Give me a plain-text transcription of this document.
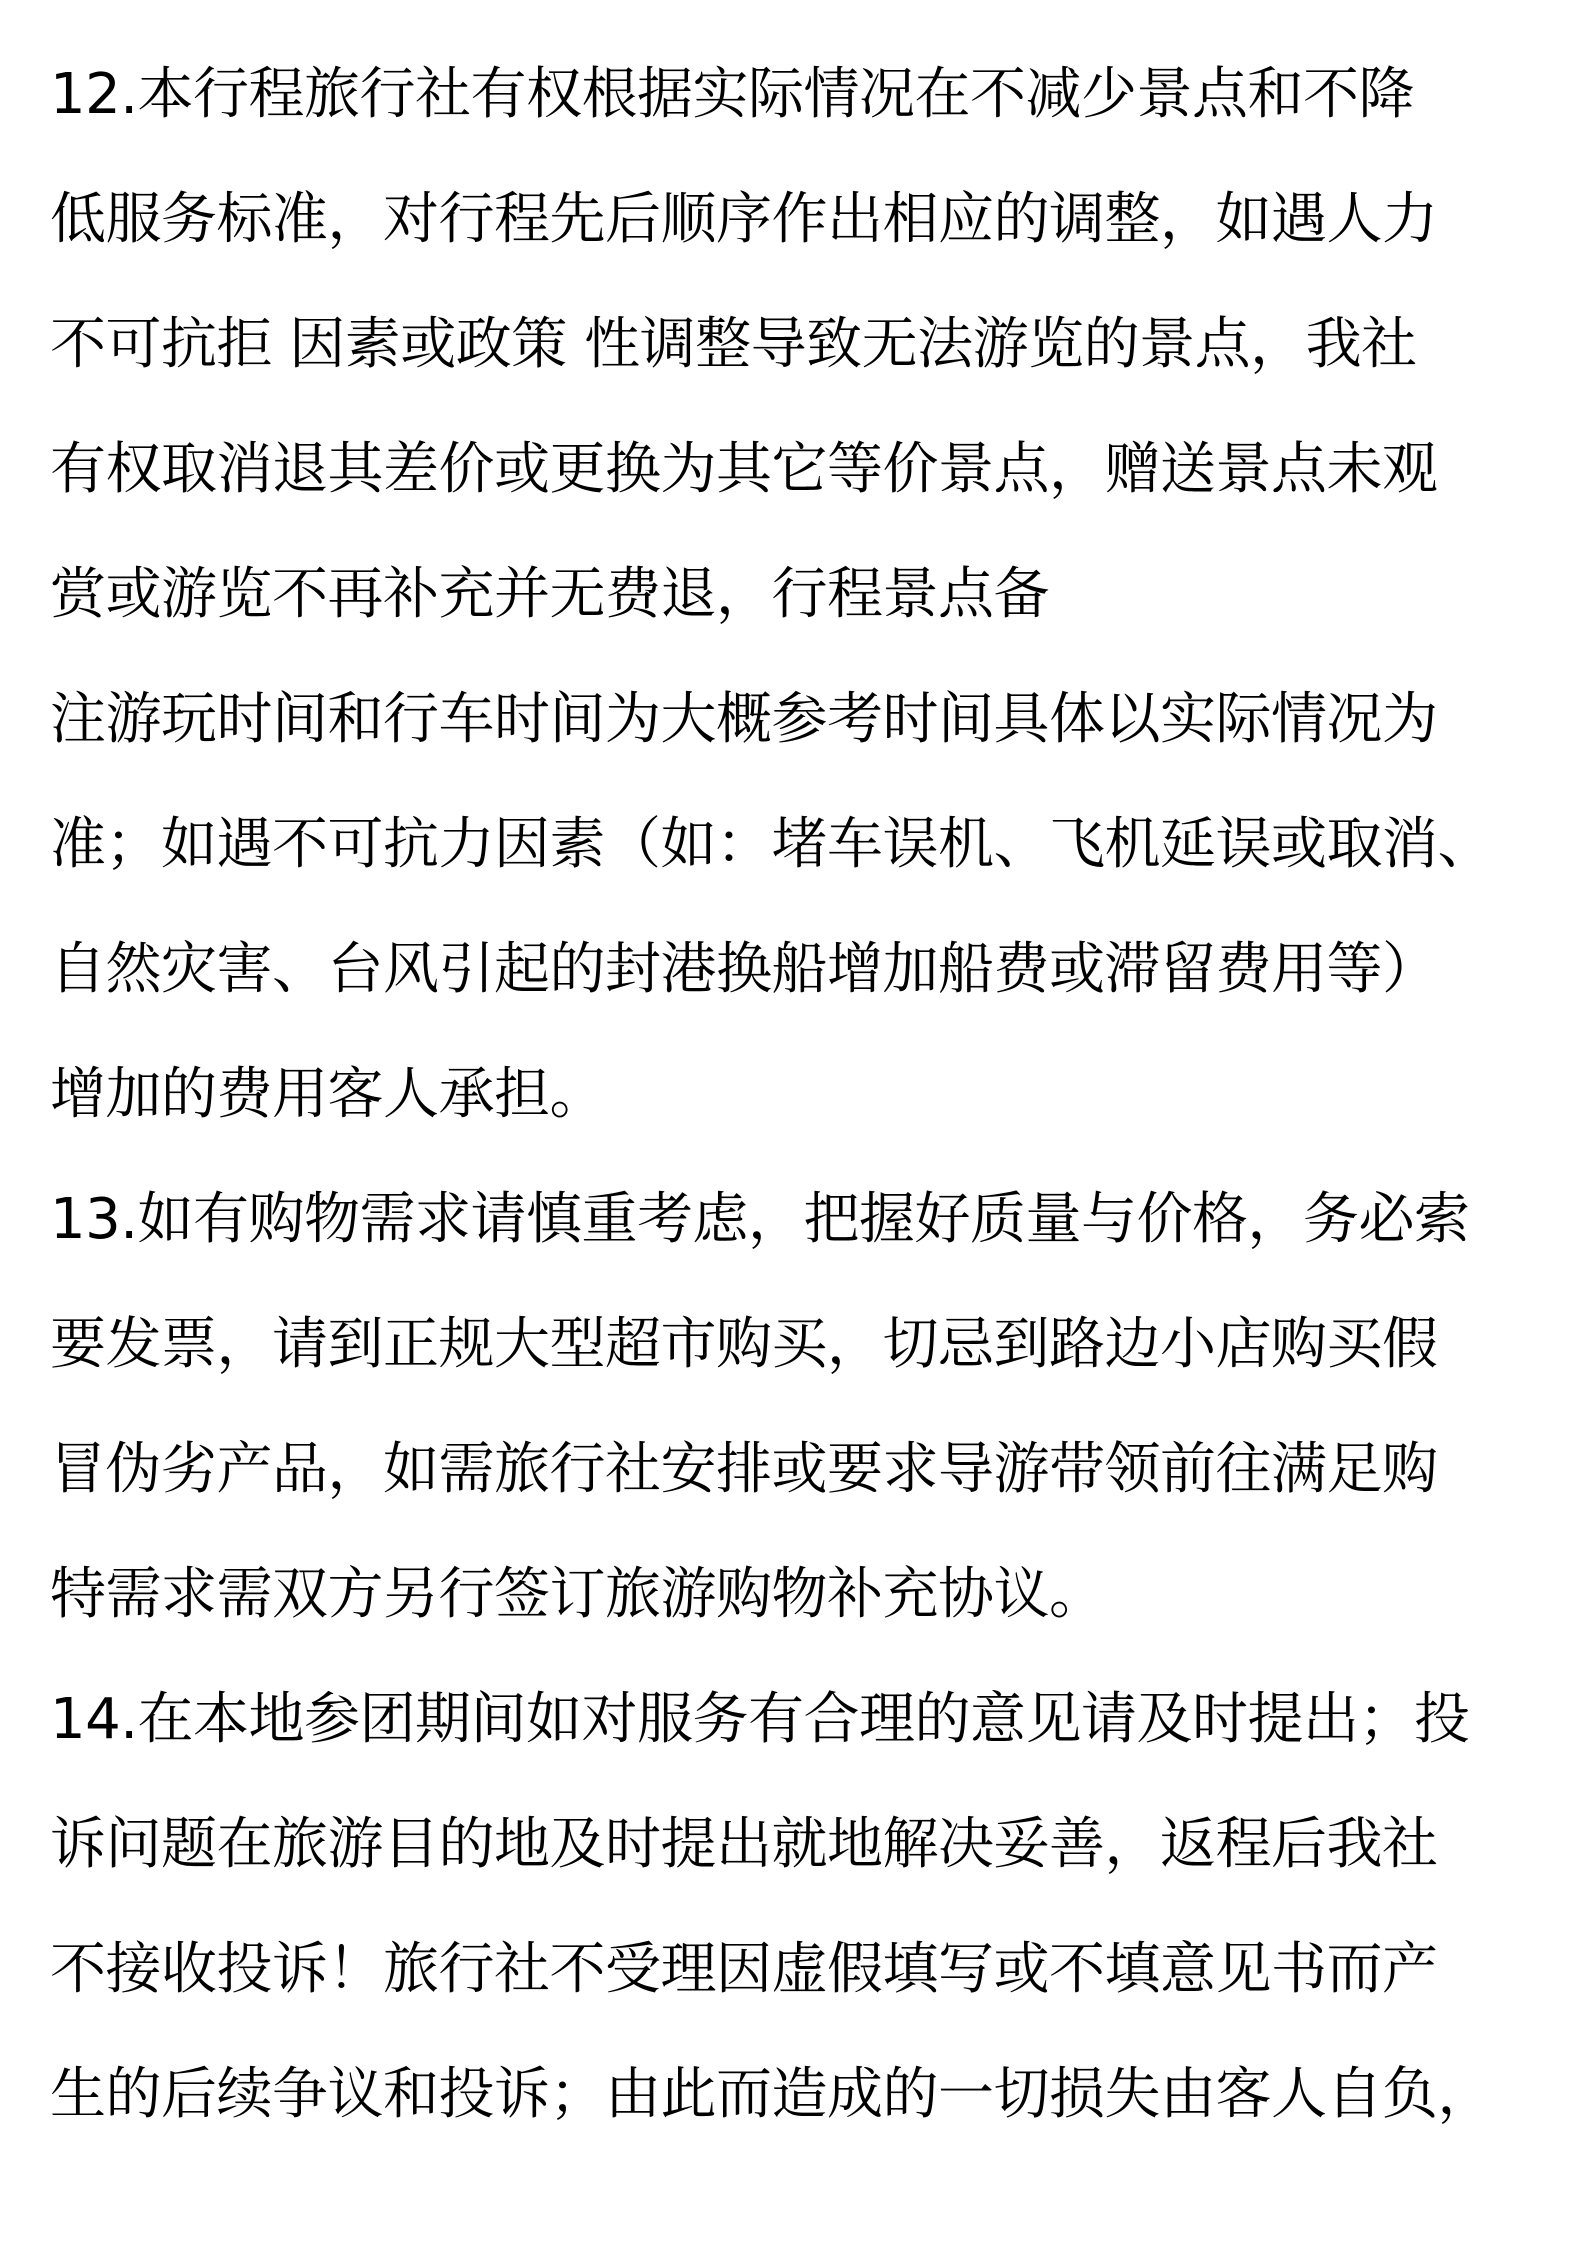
12.本行程旅行社有权根据实际情况在不减少景点和不降
低服务标准，对行程先后顺序作出相应的调整，如遇人力
不可抗拒 因素或政策 性调整导致无法游览的景点，我社
有权取消退其差价或更换为其它等价景点，赠送景点未观
赏或游览不再补充并无费退，行程景点备
注游玩时间和行车时间为大概参考时间具体以实际情况为
准；如遇不可抗力因素（如：堵车误机、飞机延误或取消、
自然灾害、台风引起的封港换船增加船费或滞留费用等）
增加的费用客人承担。
13.如有购物需求请慎重考虑，把握好质量与价格，务必索
要发票，请到正规大型超市购买，切忌到路边小店购买假
冒伪劣产品，如需旅行社安排或要求导游带领前往满足购
特需求需双方另行签订旅游购物补充协议。
14.在本地参团期间如对服务有合理的意见请及时提出；投
诉问题在旅游目的地及时提出就地解决妥善，返程后我社
不接收投诉！旅行社不受理因虚假填写或不填意见书而产
生的后续争议和投诉；由此而造成的一切损失由客人自负，
